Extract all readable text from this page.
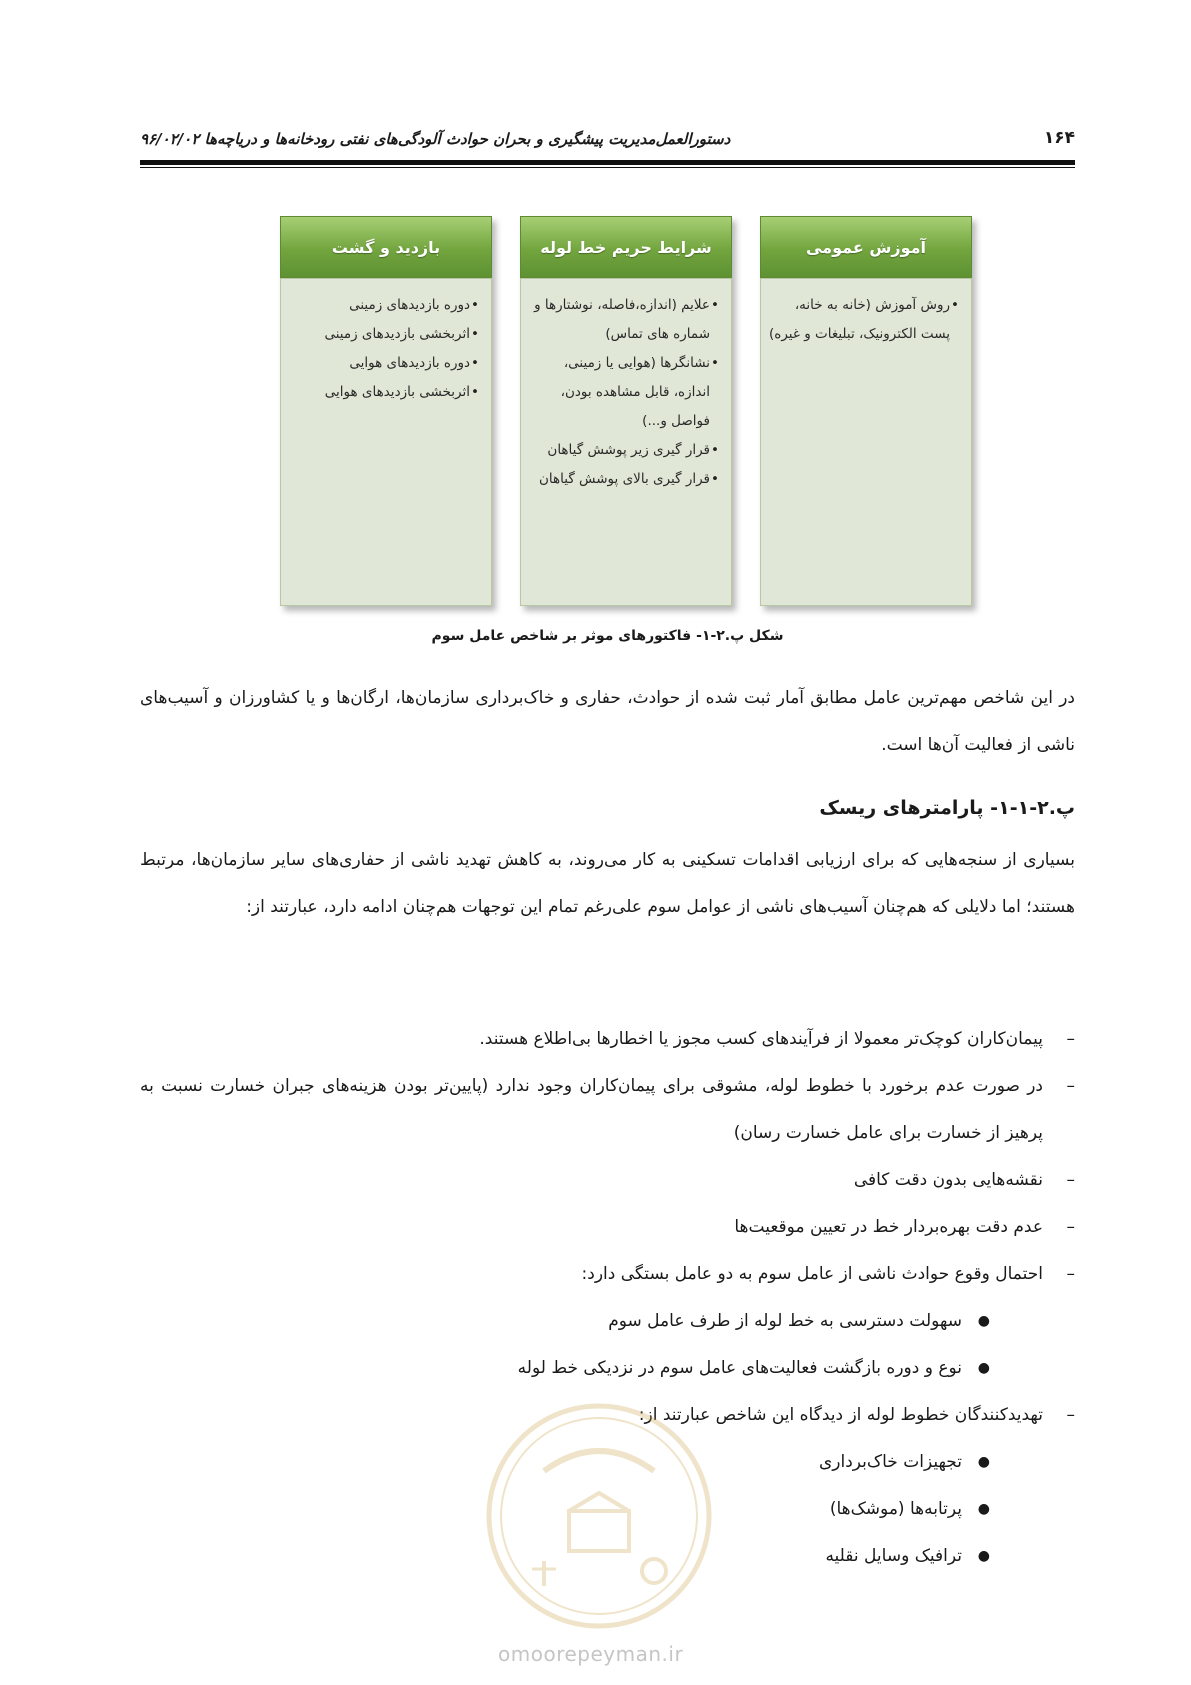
۱۶۴
دستورالعمل‌مدیریت پیشگیری و بحران حوادث آلودگی‌های نفتی رودخانه‌ها و دریاچه‌ها ۹۶/۰۲/۰۲
آموزش عمومی
• روش آموزش (خانه به خانه، پست الکترونیک، تبلیغات و غیره)
شرایط حریم خط لوله
• علایم (اندازه،فاصله، نوشتارها و شماره های تماس)
• نشانگرها (هوایی یا زمینی، اندازه، قابل مشاهده بودن، فواصل و...)
• قرار گیری زیر پوشش گیاهان
• قرار گیری بالای پوشش گیاهان
بازدید و گشت
• دوره بازدیدهای زمینی
• اثربخشی بازدیدهای زمینی
• دوره بازدیدهای هوایی
• اثربخشی بازدیدهای هوایی
شکل پ.۲-۱- فاکتورهای موثر بر شاخص عامل سوم
در این شاخص مهم‌ترین عامل مطابق آمار ثبت شده از حوادث، حفاری و خاک‌برداری سازمان‌ها، ارگان‌ها و یا کشاورزان و آسیب‌های ناشی از فعالیت آن‌ها است.
پ.۲-۱-۱- پارامترهای ریسک
بسیاری از سنجه‌هایی که برای ارزیابی اقدامات تسکینی به کار می‌روند، به کاهش تهدید ناشی از حفاری‌های سایر سازمان‌ها، مرتبط هستند؛ اما دلایلی که هم‌چنان آسیب‌های ناشی از عوامل سوم علی‌رغم تمام این توجهات هم‌چنان ادامه دارد، عبارتند از:
–
پیمان‌کاران کوچک‌تر معمولا از فرآیندهای کسب مجوز یا اخطارها بی‌اطلاع هستند.
–
در صورت عدم برخورد با خطوط لوله، مشوقی برای پیمان‌کاران وجود ندارد (پایین‌تر بودن هزینه‌های جبران خسارت نسبت به پرهیز از خسارت برای عامل خسارت رسان)
–
نقشه‌هایی بدون دقت کافی
–
عدم دقت بهره‌بردار خط در تعیین موقعیت‌ها
–
احتمال وقوع حوادث ناشی از عامل سوم به دو عامل بستگی دارد:
●
سهولت دسترسی به خط لوله از طرف عامل سوم
●
نوع و دوره بازگشت فعالیت‌های عامل سوم در نزدیکی خط لوله
–
تهدیدکنندگان خطوط لوله از دیدگاه این شاخص عبارتند از:
●
تجهیزات خاک‌برداری
●
پرتابه‌ها (موشک‌ها)
●
ترافیک وسایل نقلیه
omoorepeyman.ir
